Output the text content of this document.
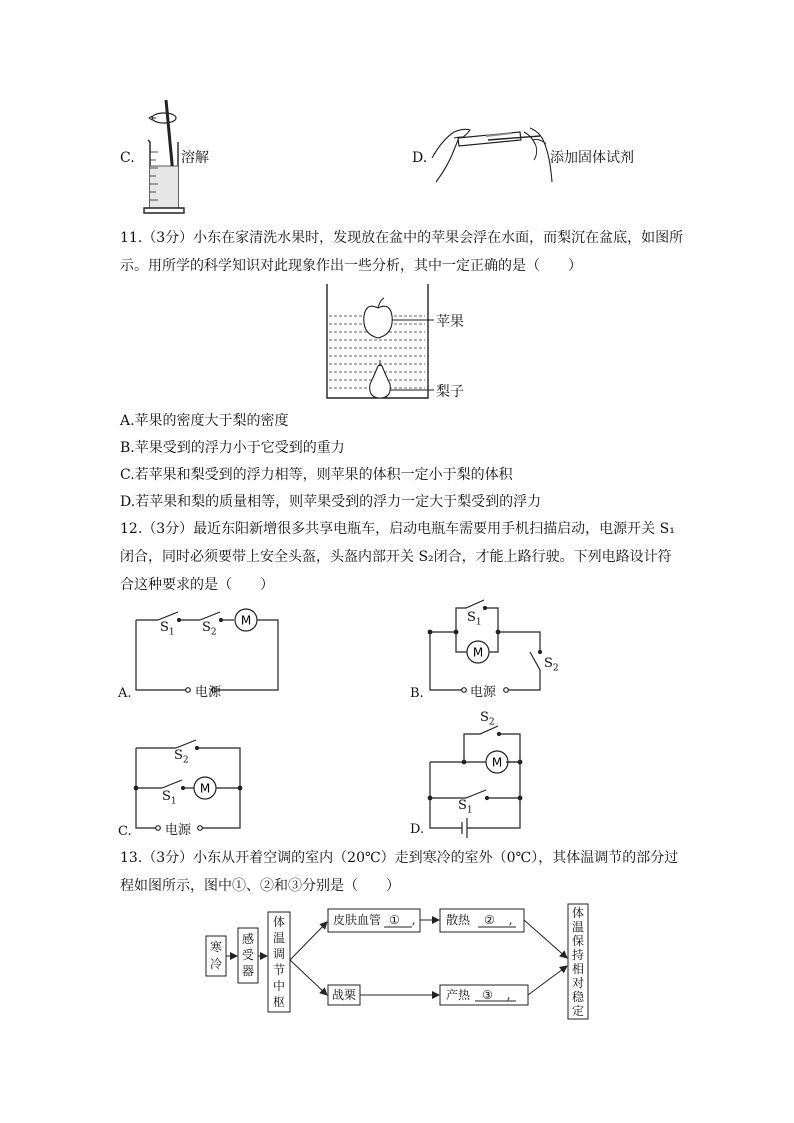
C.	溶解	D.	添加固体试剂
11.（3分）小东在家清洗水果时，发现放在盆中的苹果会浮在水面，而梨沉在盆底，如图所
示。用所学的科学知识对此现象作出一些分析，其中一定正确的是（　　）
苹果
梨子
A.苹果的密度大于梨的密度
B.苹果受到的浮力小于它受到的重力
C.若苹果和梨受到的浮力相等，则苹果的体积一定小于梨的体积
D.若苹果和梨的质量相等，则苹果受到的浮力一定大于梨受到的浮力
12.（3分）最近东阳新增很多共享电瓶车，启动电瓶车需要用手机扫描启动，电源开关 S₁
闭合，同时必须要带上安全头盔，头盔内部开关 S₂闭合，才能上路行驶。下列电路设计符
合这种要求的是（　　）
M
$S_1$ $S_2$
电源
A.
M
$S_1$
$S_2$
电源
B.
M
$S_2$
$S_1$
电源
C.
M
$S_2$
$S_1$
D.
13.（3分）小东从开着空调的室内（20℃）走到寒冷的室外（0℃），其体温调节的部分过
程如图所示，图中①、②和③分别是（　　）
寒
冷
感
受
器
体
温
调
节
中
枢
皮肤血管 ① ,	散热 ② ,
战栗	产热 ③ ,
体
温
保
持
相
对
稳
定
